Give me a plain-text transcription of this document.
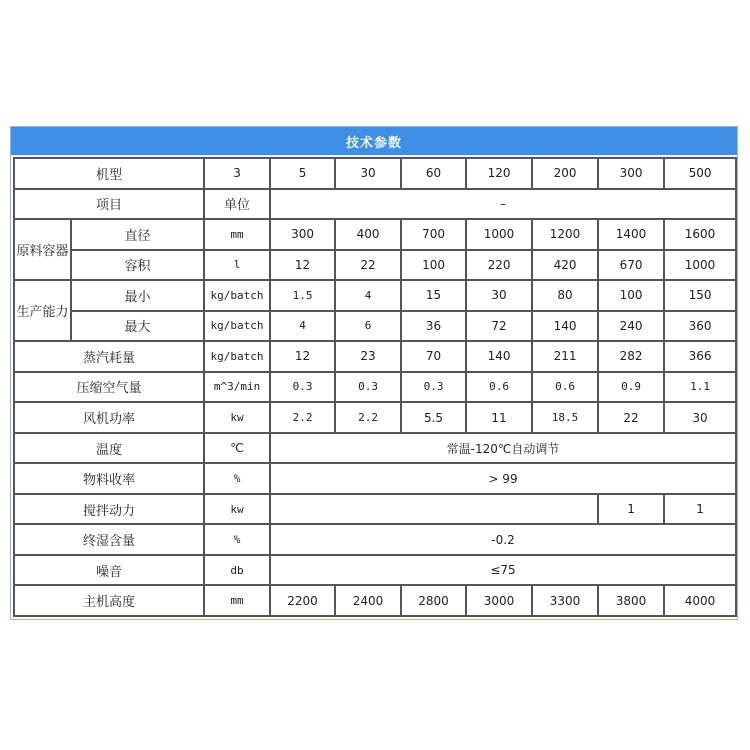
技术参数
机型		3	5	30	60	120	200	300	500	
项目		单位	–							
原料容器	直径	mm	300	400	700	1000	1200	1400	1600	
	容积	l	12	22	100	220	420	670	1000	
生产能力	最小	kg/batch	1.5	4	15	30	80	100	150	
	最大	kg/batch	4	6	36	72	140	240	360	
蒸汽耗量		kg/batch	12	23	70	140	211	282	366	
压缩空气量		m^3/min	0.3	0.3	0.3	0.6	0.6	0.9	1.1	
风机功率		kw	2.2	2.2	5.5	11	18.5	22	30	
温度		℃	常温-120℃自动调节							
物料收率		%	> 99							
搅拌动力		kw						1	1	
终湿含量		%	-0.2							
噪音		db	≤75							
主机高度		mm	2200	2400	2800	3000	3300	3800	4000	
